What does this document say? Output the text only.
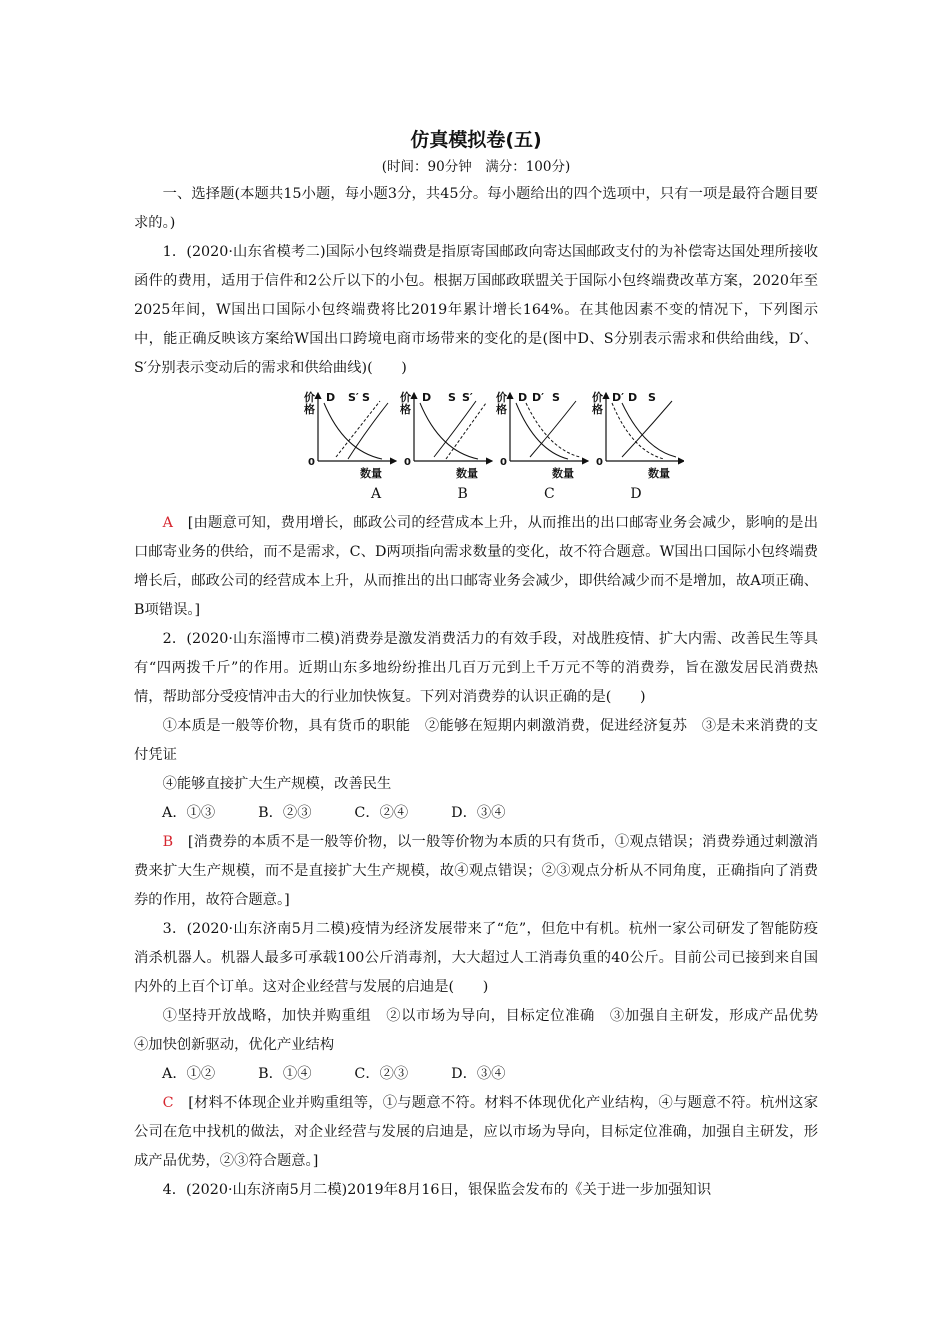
仿真模拟卷(五)
(时间：90分钟　满分：100分)

一、选择题(本题共15小题，每小题3分，共45分。每小题给出的四个选项中，只有一项是最符合题目要求的。)

1．(2020·山东省模考二)国际小包终端费是指原寄国邮政向寄达国邮政支付的为补偿寄达国处理所接收函件的费用，适用于信件和2公斤以下的小包。根据万国邮政联盟关于国际小包终端费改革方案，2020年至2025年间，W国出口国际小包终端费将比2019年累计增长164%。在其他因素不变的情况下，下列图示中，能正确反映该方案给W国出口跨境电商市场带来的变化的是(图中D、S分别表示需求和供给曲线，D′、S′分别表示变动后的需求和供给曲线)(　　)

价
格
0
数量
D S′ S	价
格
0
数量
D S S′ 价
格
0
数量
D D′ S	价
格
0
数量
D′ D S
A	B	C	D

A　 [由题意可知，费用增长，邮政公司的经营成本上升，从而推出的出口邮寄业务会减少，影响的是出口邮寄业务的供给，而不是需求，C、D两项指向需求数量的变化，故不符合题意。W国出口国际小包终端费增长后，邮政公司的经营成本上升，从而推出的出口邮寄业务会减少，即供给减少而不是增加，故A项正确、B项错误。]

2．(2020·山东淄博市二模)消费券是激发消费活力的有效手段，对战胜疫情、扩大内需、改善民生等具有“四两拨千斤”的作用。近期山东多地纷纷推出几百万元到上千万元不等的消费券，旨在激发居民消费热情，帮助部分受疫情冲击大的行业加快恢复。下列对消费券的认识正确的是(　　)

①本质是一般等价物，具有货币的职能　②能够在短期内刺激消费，促进经济复苏　③是未来消费的支付凭证

④能够直接扩大生产规模，改善民生

A．①③　　　B．②③　　　C．②④　　　D．③④

B　 [消费券的本质不是一般等价物，以一般等价物为本质的只有货币，①观点错误；消费券通过刺激消费来扩大生产规模，而不是直接扩大生产规模，故④观点错误；②③观点分析从不同角度，正确指向了消费券的作用，故符合题意。]

3．(2020·山东济南5月二模)疫情为经济发展带来了“危”，但危中有机。杭州一家公司研发了智能防疫消杀机器人。机器人最多可承载100公斤消毒剂，大大超过人工消毒负重的40公斤。目前公司已接到来自国内外的上百个订单。这对企业经营与发展的启迪是(　　)

①坚持开放战略，加快并购重组　②以市场为导向，目标定位准确　③加强自主研发，形成产品优势　④加快创新驱动，优化产业结构

A．①②　　　B．①④　　　C．②③　　　D．③④

C　 [材料不体现企业并购重组等，①与题意不符。材料不体现优化产业结构，④与题意不符。杭州这家公司在危中找机的做法，对企业经营与发展的启迪是，应以市场为导向，目标定位准确，加强自主研发，形成产品优势，②③符合题意。]

4．(2020·山东济南5月二模)2019年8月16日，银保监会发布的《关于进一步加强知识
